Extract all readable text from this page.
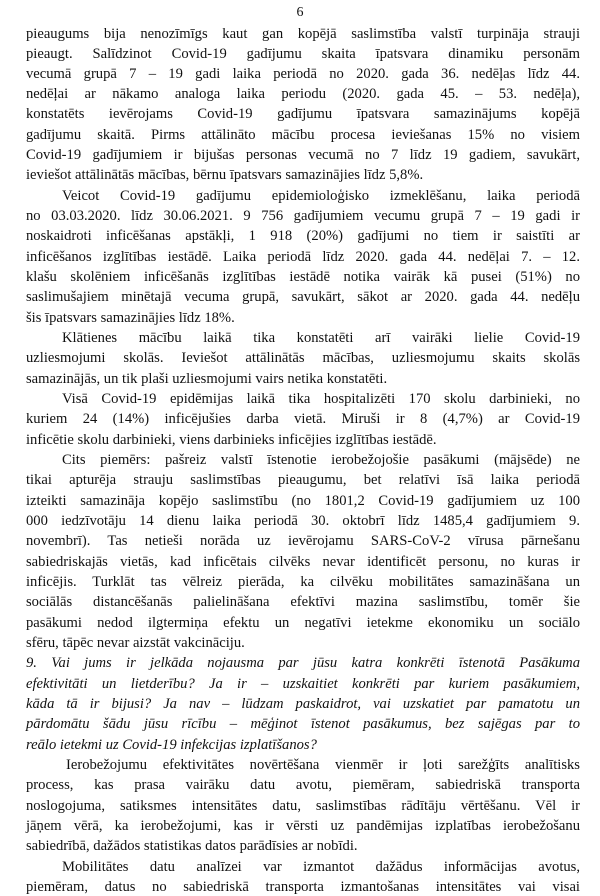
6
pieaugums bija nenozīmīgs kaut gan kopējā saslimstība valstī turpināja strauji
pieaugt. Salīdzinot Covid-19 gadījumu skaita īpatsvara dinamiku personām
vecumā grupā 7 – 19 gadi laika periodā no 2020. gada 36. nedēļas līdz 44.
nedēļai ar nākamo analoga laika periodu (2020. gada 45. – 53. nedēļa),
konstatēts ievērojams Covid-19 gadījumu īpatsvara samazinājums kopējā
gadījumu skaitā. Pirms attālināto mācību procesa ieviešanas 15% no visiem
Covid-19 gadījumiem ir bijušas personas vecumā no 7 līdz 19 gadiem, savukārt,
ieviešot attālinātās mācības, bērnu īpatsvars samazinājies līdz 5,8%.
Veicot Covid-19 gadījumu epidemioloģisko izmeklēšanu, laika periodā
no 03.03.2020. līdz 30.06.2021. 9 756 gadījumiem vecumu grupā 7 – 19 gadi ir
noskaidroti inficēšanas apstākļi, 1 918 (20%) gadījumi no tiem ir saistīti ar
inficēšanos izglītības iestādē. Laika periodā līdz 2020. gada 44. nedēļai 7. – 12.
klašu skolēniem inficēšanās izglītības iestādē notika vairāk kā pusei (51%) no
saslimušajiem minētajā vecuma grupā, savukārt, sākot ar 2020. gada 44. nedēļu
šis īpatsvars samazinājies līdz 18%.
Klātienes mācību laikā tika konstatēti arī vairāki lielie Covid-19
uzliesmojumi skolās. Ieviešot attālinātās mācības, uzliesmojumu skaits skolās
samazinājās, un tik plaši uzliesmojumi vairs netika konstatēti.
Visā Covid-19 epidēmijas laikā tika hospitalizēti 170 skolu darbinieki, no
kuriem 24 (14%) inficējušies darba vietā. Miruši ir 8 (4,7%) ar Covid-19
inficētie skolu darbinieki, viens darbinieks inficējies izglītības iestādē.
Cits piemērs: pašreiz valstī īstenotie ierobežojošie pasākumi (mājsēde) ne
tikai apturēja strauju saslimstības pieaugumu, bet relatīvi īsā laika periodā
izteikti samazināja kopējo saslimstību (no 1801,2 Covid-19 gadījumiem uz 100
000 iedzīvotāju 14 dienu laika periodā 30. oktobrī līdz 1485,4 gadījumiem 9.
novembrī). Tas netieši norāda uz ievērojamu SARS-CoV-2 vīrusa pārnešanu
sabiedriskajās vietās, kad inficētais cilvēks nevar identificēt personu, no kuras ir
inficējis. Turklāt tas vēlreiz pierāda, ka cilvēku mobilitātes samazināšana un
sociālās distancēšanās palielināšana efektīvi mazina saslimstību, tomēr šie
pasākumi nedod ilgtermiņa efektu un negatīvi ietekme ekonomiku un sociālo
sfēru, tāpēc nevar aizstāt vakcināciju.
9. Vai jums ir jelkāda nojausma par jūsu katra konkrēti īstenotā Pasākuma
efektivitāti un lietderību? Ja ir – uzskaitiet konkrēti par kuriem pasākumiem,
kāda tā ir bijusi? Ja nav – lūdzam paskaidrot, vai uzskatiet par pamatotu un
pārdomātu šādu jūsu rīcību – mēģinot īstenot pasākumus, bez sajēgas par to
reālo ietekmi uz Covid-19 infekcijas izplatīšanos?
Ierobežojumu efektivitātes novērtēšana vienmēr ir ļoti sarežģīts analītisks
process, kas prasa vairāku datu avotu, piemēram, sabiedriskā transporta
noslogojuma, satiksmes intensitātes datu, saslimstības rādītāju vērtēšanu. Vēl ir
jāņem vērā, ka ierobežojumi, kas ir vērsti uz pandēmijas izplatības ierobežošanu
sabiedrībā, dažādos statistikas datos parādīsies ar nobīdi.
Mobilitātes datu analīzei var izmantot dažādus informācijas avotus,
piemēram, datus no sabiedriskā transporta izmantošanas intensitātes vai visai
